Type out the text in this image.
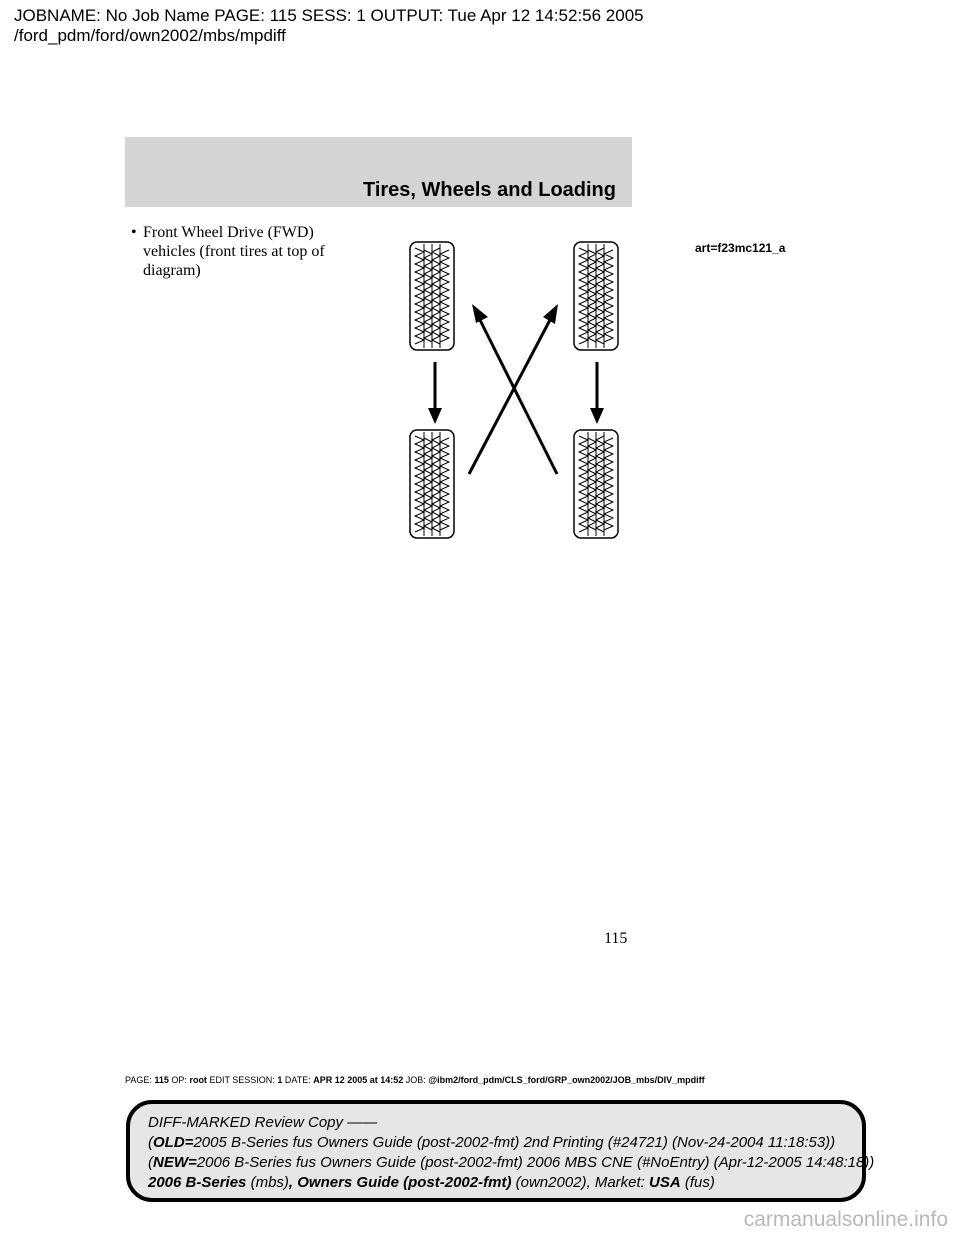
JOBNAME: No Job Name PAGE: 115 SESS: 1 OUTPUT: Tue Apr 12 14:52:56 2005
/ford_pdm/ford/own2002/mbs/mpdiff
Tires, Wheels and Loading
• Front Wheel Drive (FWD)
vehicles (front tires at top of
diagram)
art=f23mc121_a
115
PAGE: 115 OP: root EDIT SESSION: 1 DATE: APR 12 2005 at 14:52 JOB: @ibm2/ford_pdm/CLS_ford/GRP_own2002/JOB_mbs/DIV_mpdiff
DIFF-MARKED Review Copy ——
(OLD=2005 B-Series fus Owners Guide (post-2002-fmt) 2nd Printing (#24721) (Nov-24-2004 11:18:53))
(NEW=2006 B-Series fus Owners Guide (post-2002-fmt) 2006 MBS CNE (#NoEntry) (Apr-12-2005 14:48:18))
2006 B-Series (mbs), Owners Guide (post-2002-fmt) (own2002), Market: USA (fus)
carmanualsonline.info
